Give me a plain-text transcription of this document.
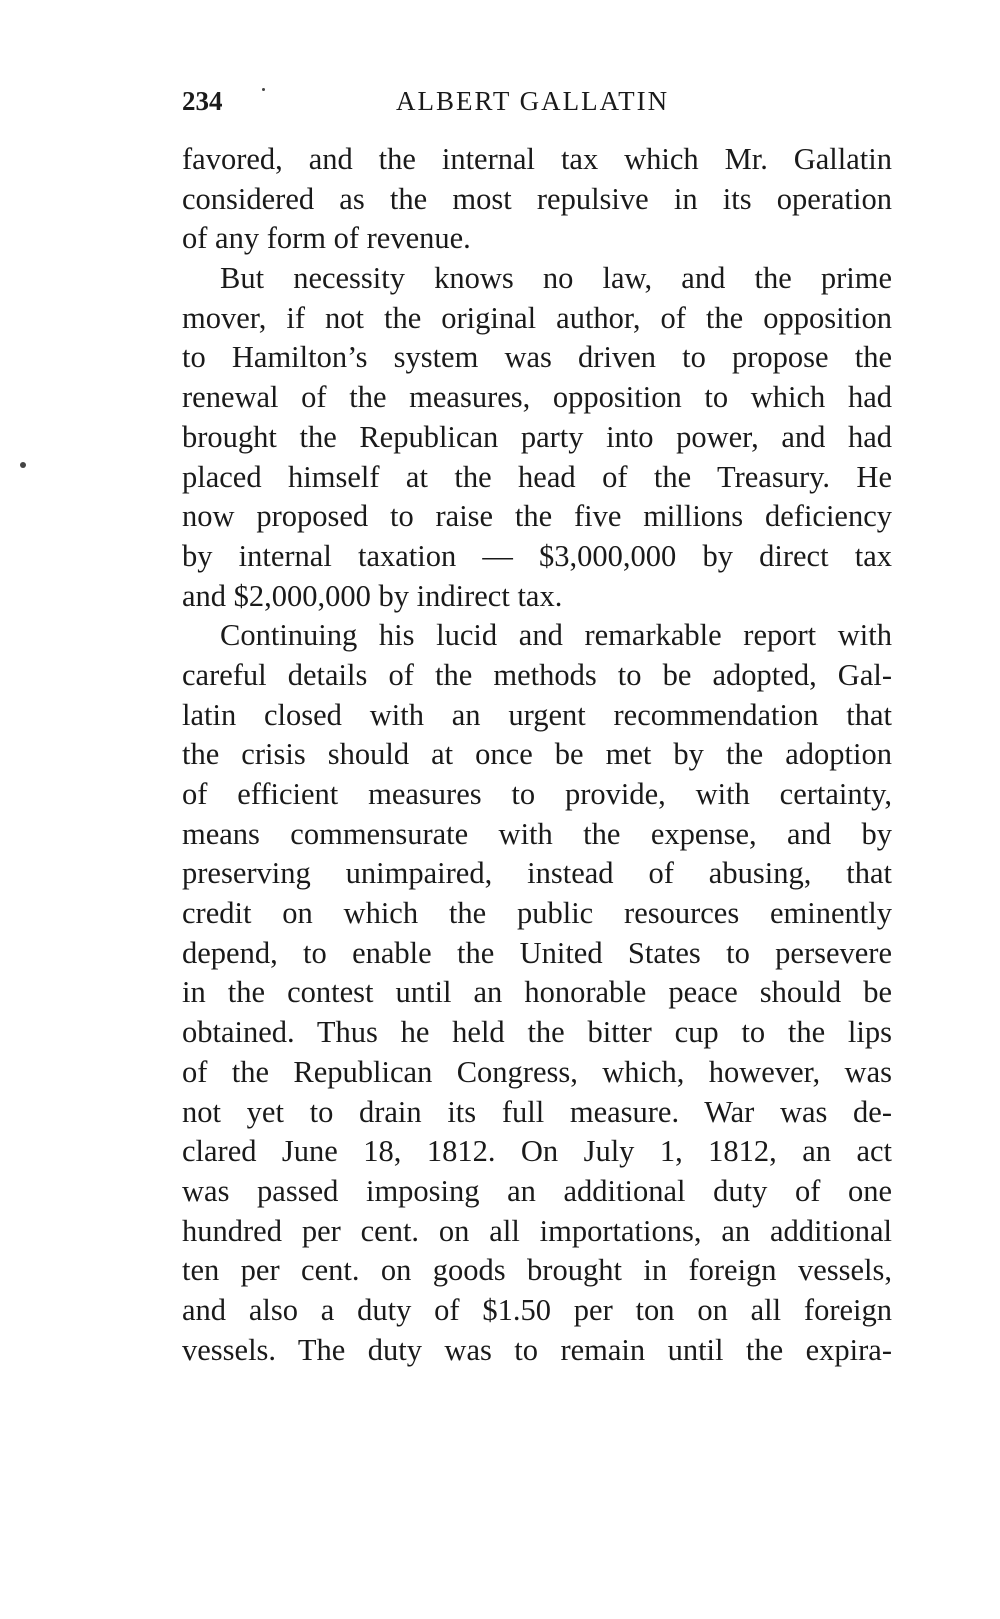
234	ALBERT GALLATIN
favored, and the internal tax which Mr. Gallatin
considered as the most repulsive in its operation
of any form of revenue.
But necessity knows no law, and the prime
mover, if not the original author, of the opposition
to Hamilton’s system was driven to propose the
renewal of the measures, opposition to which had
brought the Republican party into power, and had
placed himself at the head of the Treasury. He
now proposed to raise the five millions deficiency
by internal taxation — $3,000,000 by direct tax
and $2,000,000 by indirect tax.
Continuing his lucid and remarkable report with
careful details of the methods to be adopted, Gal-
latin closed with an urgent recommendation that
the crisis should at once be met by the adoption
of efficient measures to provide, with certainty,
means commensurate with the expense, and by
preserving unimpaired, instead of abusing, that
credit on which the public resources eminently
depend, to enable the United States to persevere
in the contest until an honorable peace should be
obtained. Thus he held the bitter cup to the lips
of the Republican Congress, which, however, was
not yet to drain its full measure. War was de-
clared June 18, 1812. On July 1, 1812, an act
was passed imposing an additional duty of one
hundred per cent. on all importations, an additional
ten per cent. on goods brought in foreign vessels,
and also a duty of $1.50 per ton on all foreign
vessels. The duty was to remain until the expira-
